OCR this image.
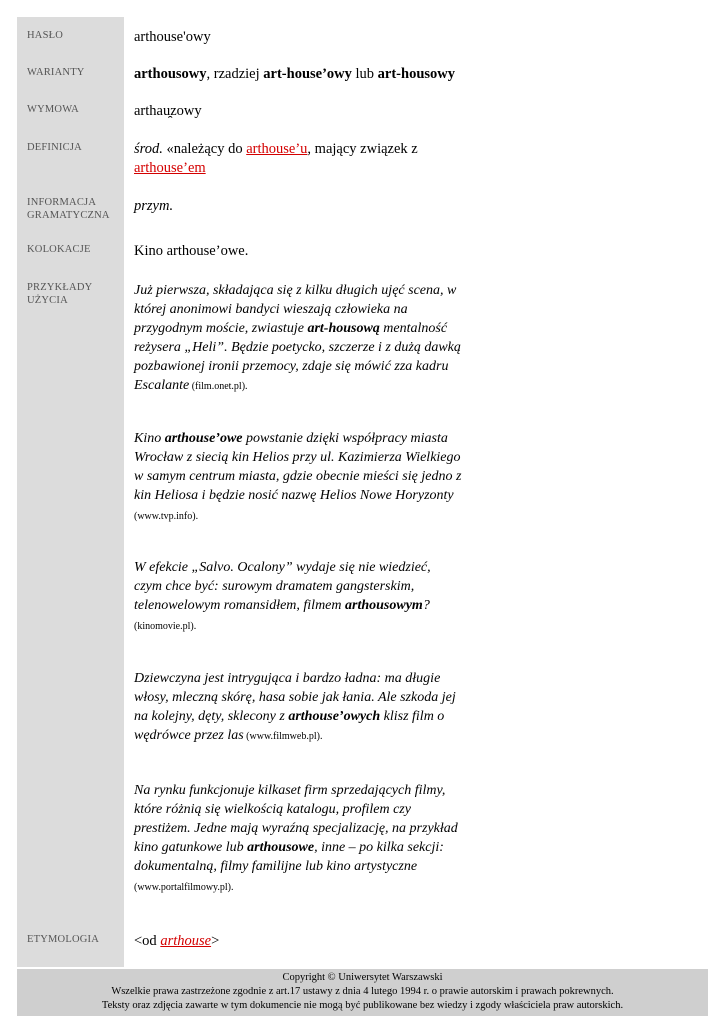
HASŁO
WARIANTY
WYMOWA
DEFINICJA
INFORMACJA
GRAMATYCZNA
KOLOKACJE
PRZYKŁADY
UŻYCIA
ETYMOLOGIA
arthouse'owy
arthousowy, rzadziej art-house’owy lub art-housowy
arthau̯zowy
środ. «należący do arthouse’u, mający związek z
arthouse’em
przym.
Kino arthouse’owe.
Już pierwsza, składająca się z kilku długich ujęć scena, w której anonimowi bandyci wieszają człowieka na przygodnym moście, zwiastuje art-housową mentalność reżysera „Heli”. Będzie poetycko, szczerze i z dużą dawką pozbawionej ironii przemocy, zdaje się mówić zza kadru Escalante (film.onet.pl).
Kino arthouse’owe powstanie dzięki współpracy miasta Wrocław z siecią kin Helios przy ul. Kazimierza Wielkiego w samym centrum miasta, gdzie obecnie mieści się jedno z kin Heliosa i będzie nosić nazwę Helios Nowe Horyzonty (www.tvp.info).
W efekcie „Salvo. Ocalony” wydaje się nie wiedzieć, czym chce być: surowym dramatem gangsterskim, telenowelowym romansidłem, filmem arthousowym? (kinomovie.pl).
Dziewczyna jest intrygująca i bardzo ładna: ma długie włosy, mleczną skórę, hasa sobie jak łania. Ale szkoda jej na kolejny, dęty, sklecony z arthouse’owych klisz film o wędrówce przez las (www.filmweb.pl).
Na rynku funkcjonuje kilkaset firm sprzedających filmy, które różnią się wielkością katalogu, profilem czy prestiżem. Jedne mają wyraźną specjalizację, na przykład kino gatunkowe lub arthousowe, inne – po kilka sekcji: dokumentalną, filmy familijne lub kino artystyczne (www.portalfilmowy.pl).
<od arthouse>
Copyright © Uniwersytet Warszawski
Wszelkie prawa zastrzeżone zgodnie z art.17 ustawy z dnia 4 lutego 1994 r. o prawie autorskim i prawach pokrewnych.
Teksty oraz zdjęcia zawarte w tym dokumencie nie mogą być publikowane bez wiedzy i zgody właściciela praw autorskich.
